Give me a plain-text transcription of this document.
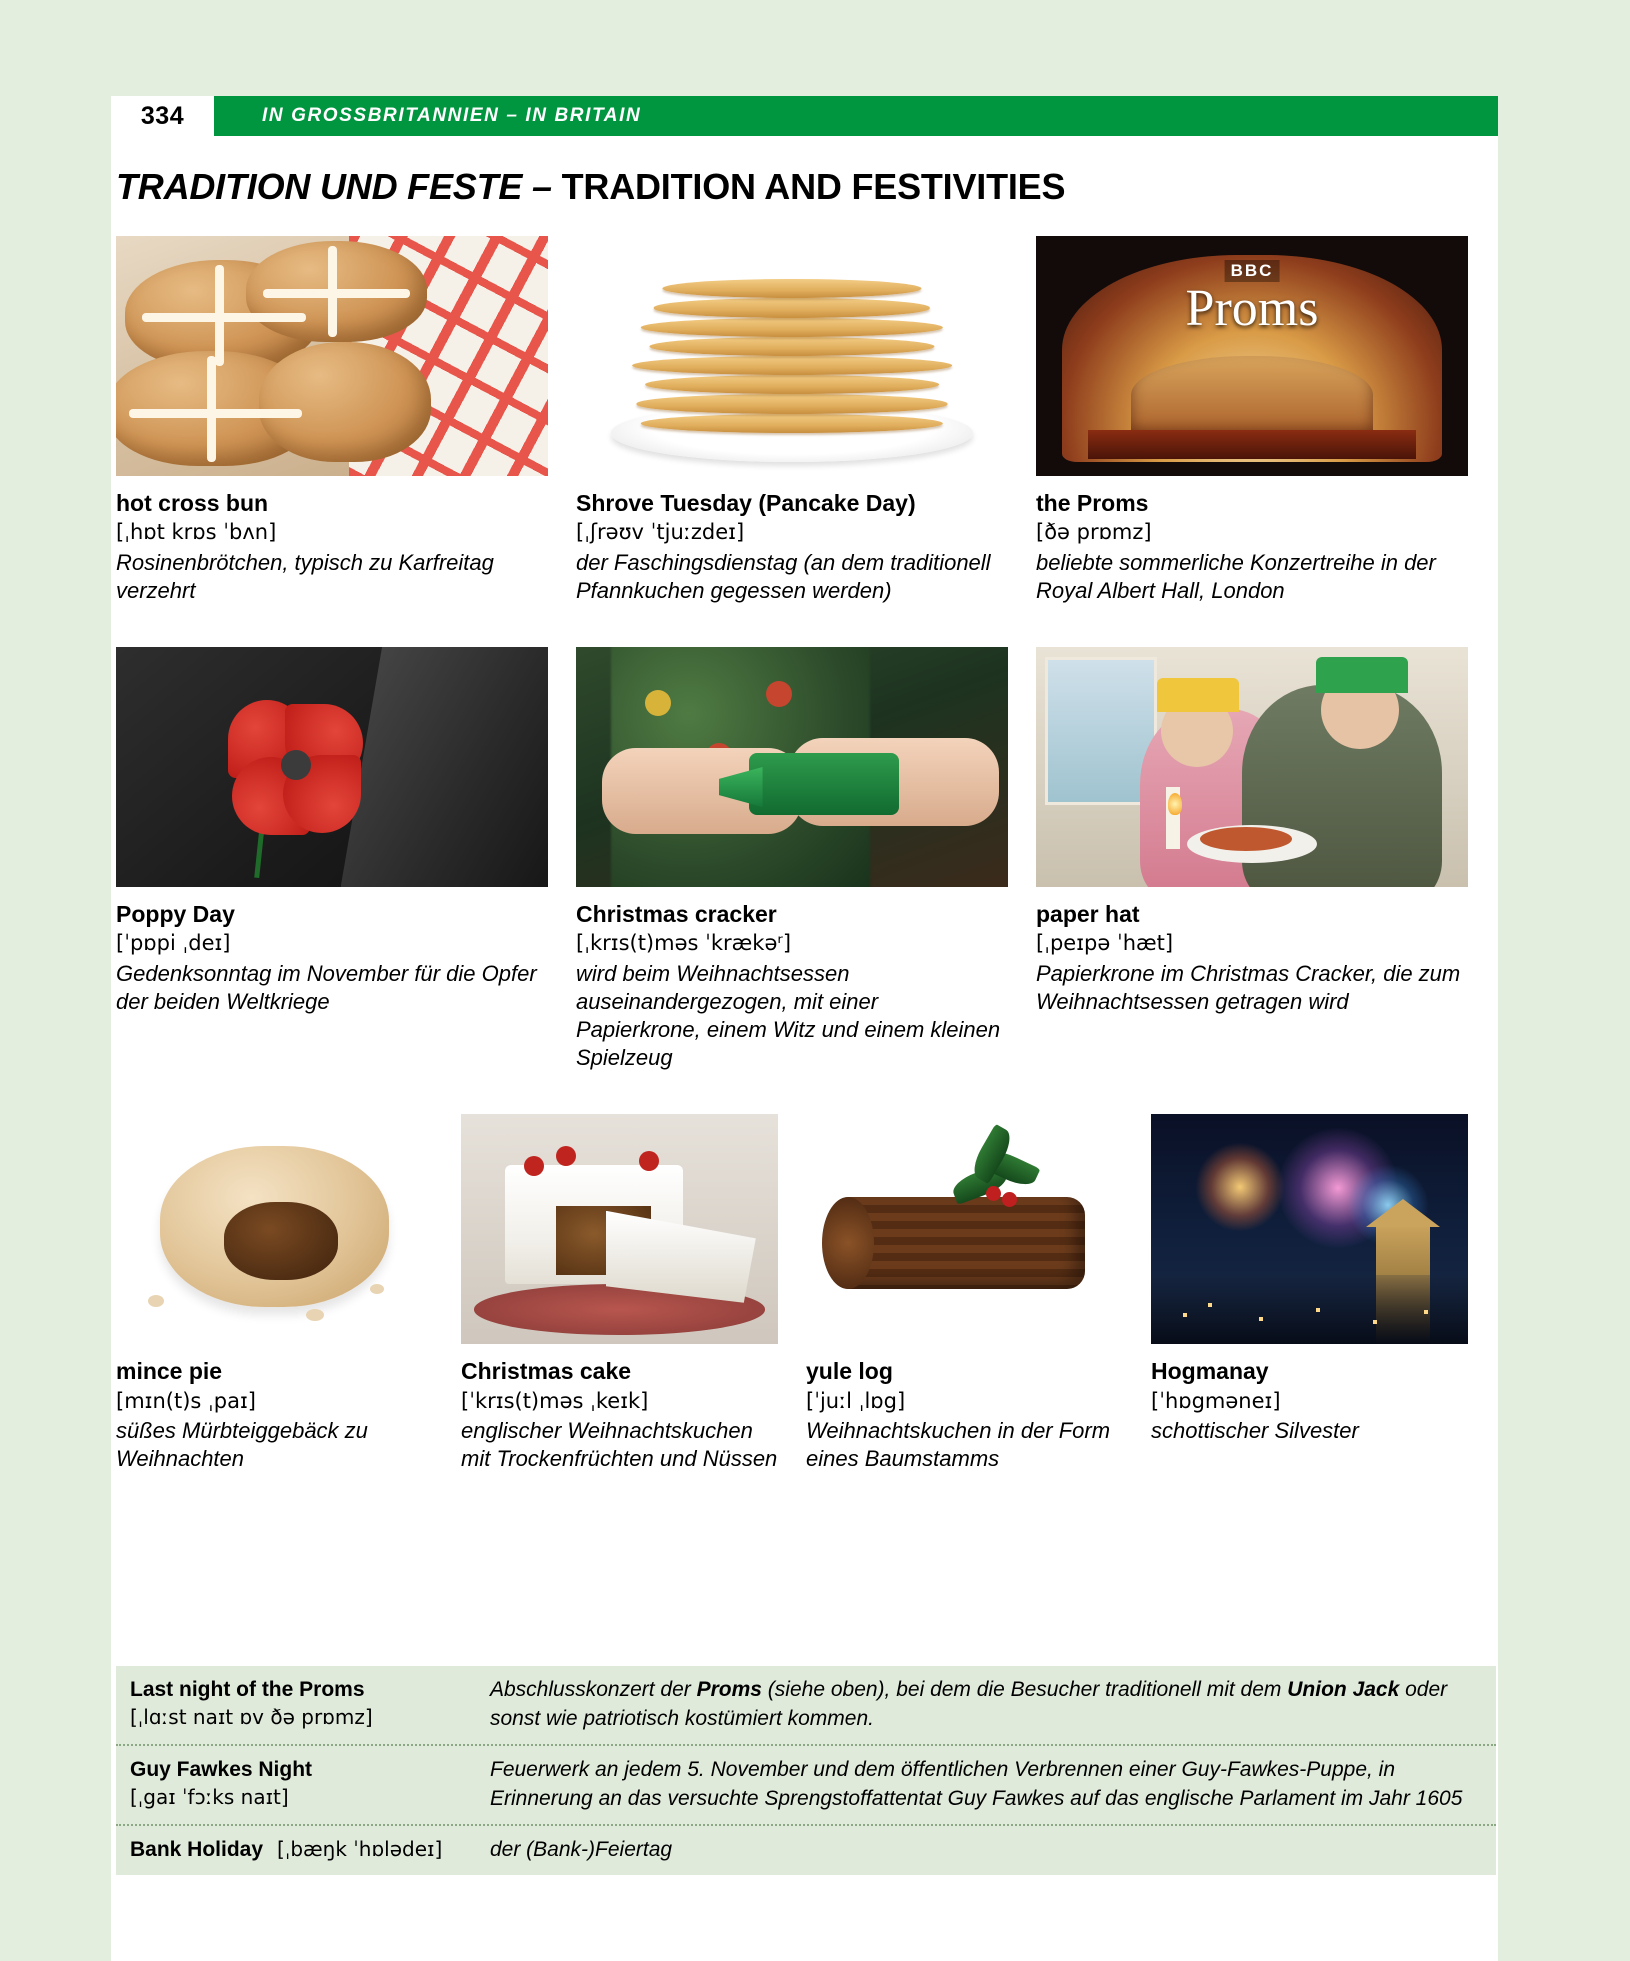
334	IN GROSSBRITANNIEN – IN BRITAIN
TRADITION UND FESTE – TRADITION AND FESTIVITIES
hot cross bun
[ˌhɒt krɒs ˈbʌn]
Rosinenbrötchen, typisch zu Karfreitag verzehrt
Shrove Tuesday (Pancake Day)
[ˌʃrəʊv ˈtjuːzdeɪ]
der Faschingsdienstag (an dem traditionell Pfannkuchen gegessen werden)
BBC
Proms
the Proms
[ðə prɒmz]
beliebte sommerliche Konzertreihe in der Royal Albert Hall, London
Poppy Day
[ˈpɒpi ˌdeɪ]
Gedenksonntag im November für die Opfer der beiden Weltkriege
Christmas cracker
[ˌkrɪs(t)məs ˈkrækəʳ]
wird beim Weihnachtsessen auseinandergezogen, mit einer Papierkrone, einem Witz und einem kleinen Spielzeug
paper hat
[ˌpeɪpə ˈhæt]
Papierkrone im Christmas Cracker, die zum Weihnachtsessen getragen wird
mince pie
[mɪn(t)s ˌpaɪ]
süßes Mürbteiggebäck zu Weihnachten
Christmas cake
[ˈkrɪs(t)məs ˌkeɪk]
englischer Weihnachtskuchen mit Trockenfrüchten und Nüssen
yule log
[ˈjuːl ˌlɒg]
Weihnachtskuchen in der Form eines Baumstamms
Hogmanay
[ˈhɒgməneɪ]
schottischer Silvester
Last night of the Proms
[ˌlɑːst naɪt ɒv ðə prɒmz]
Abschlusskonzert der Proms (siehe oben), bei dem die Besucher traditionell mit dem Union Jack oder sonst wie patriotisch kostümiert kommen.
Guy Fawkes Night
[ˌgaɪ ˈfɔːks naɪt]
Feuerwerk an jedem 5. November und dem öffentlichen Verbrennen einer Guy-Fawkes-Puppe, in Erinnerung an das versuchte Sprengstoffattentat Guy Fawkes auf das englische Parlament im Jahr 1605
Bank Holiday [ˌbæŋk ˈhɒlədeɪ] der (Bank-)Feiertag
